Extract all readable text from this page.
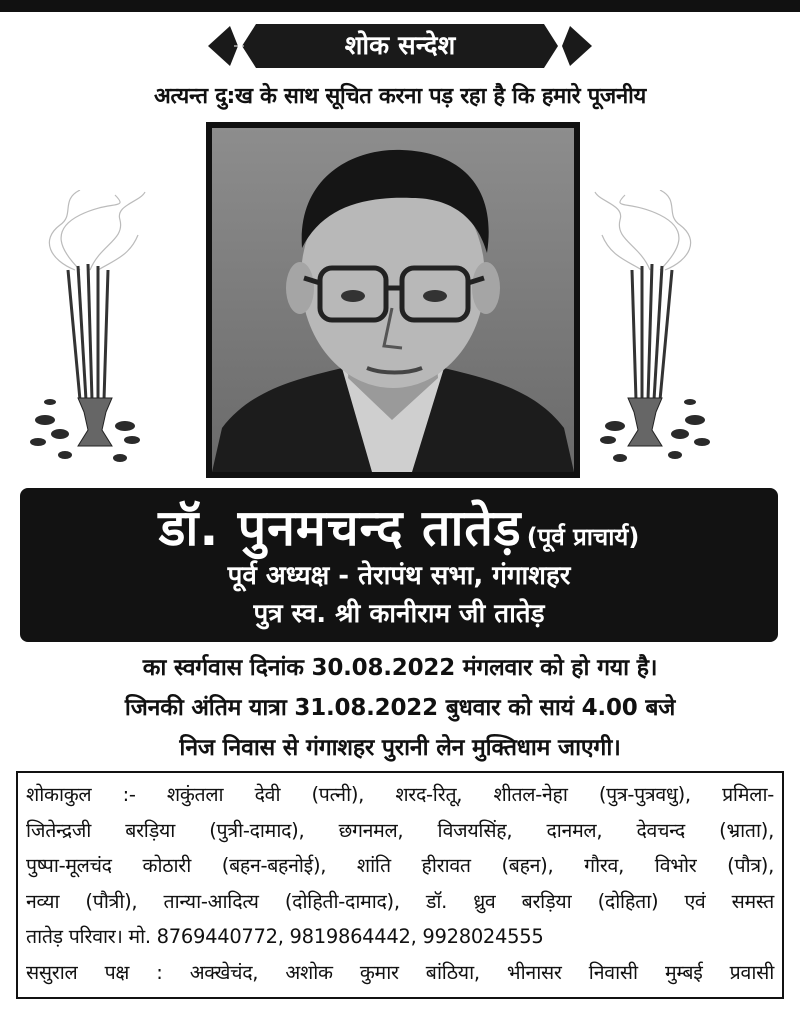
शोक सन्देश
अत्यन्त दु:ख के साथ सूचित करना पड़ रहा है कि हमारे पूजनीय
डॉ. पुनमचन्द तातेड़ (पूर्व प्राचार्य)
पूर्व अध्यक्ष - तेरापंथ सभा, गंगाशहर
पुत्र स्व. श्री कानीराम जी तातेड़
का स्वर्गवास दिनांक 30.08.2022 मंगलवार को हो गया है।
जिनकी अंतिम यात्रा 31.08.2022 बुधवार को सायं 4.00 बजे
निज निवास से गंगाशहर पुरानी लेन मुक्तिधाम जाएगी।
शोकाकुल :- शकुंतला देवी (पत्नी), शरद-रितू, शीतल-नेहा (पुत्र-पुत्रवधु), प्रमिला-
जितेन्द्रजी बरड़िया (पुत्री-दामाद), छगनमल, विजयसिंह, दानमल, देवचन्द (भ्राता),
पुष्पा-मूलचंद कोठारी (बहन-बहनोई), शांति हीरावत (बहन), गौरव, विभोर (पौत्र),
नव्या (पौत्री), तान्या-आदित्य (दोहिती-दामाद), डॉ. ध्रुव बरड़िया (दोहिता) एवं समस्त
तातेड़ परिवार। मो. 8769440772, 9819864442, 9928024555
ससुराल पक्ष : अक्खेचंद, अशोक कुमार बांठिया, भीनासर निवासी मुम्बई प्रवासी
